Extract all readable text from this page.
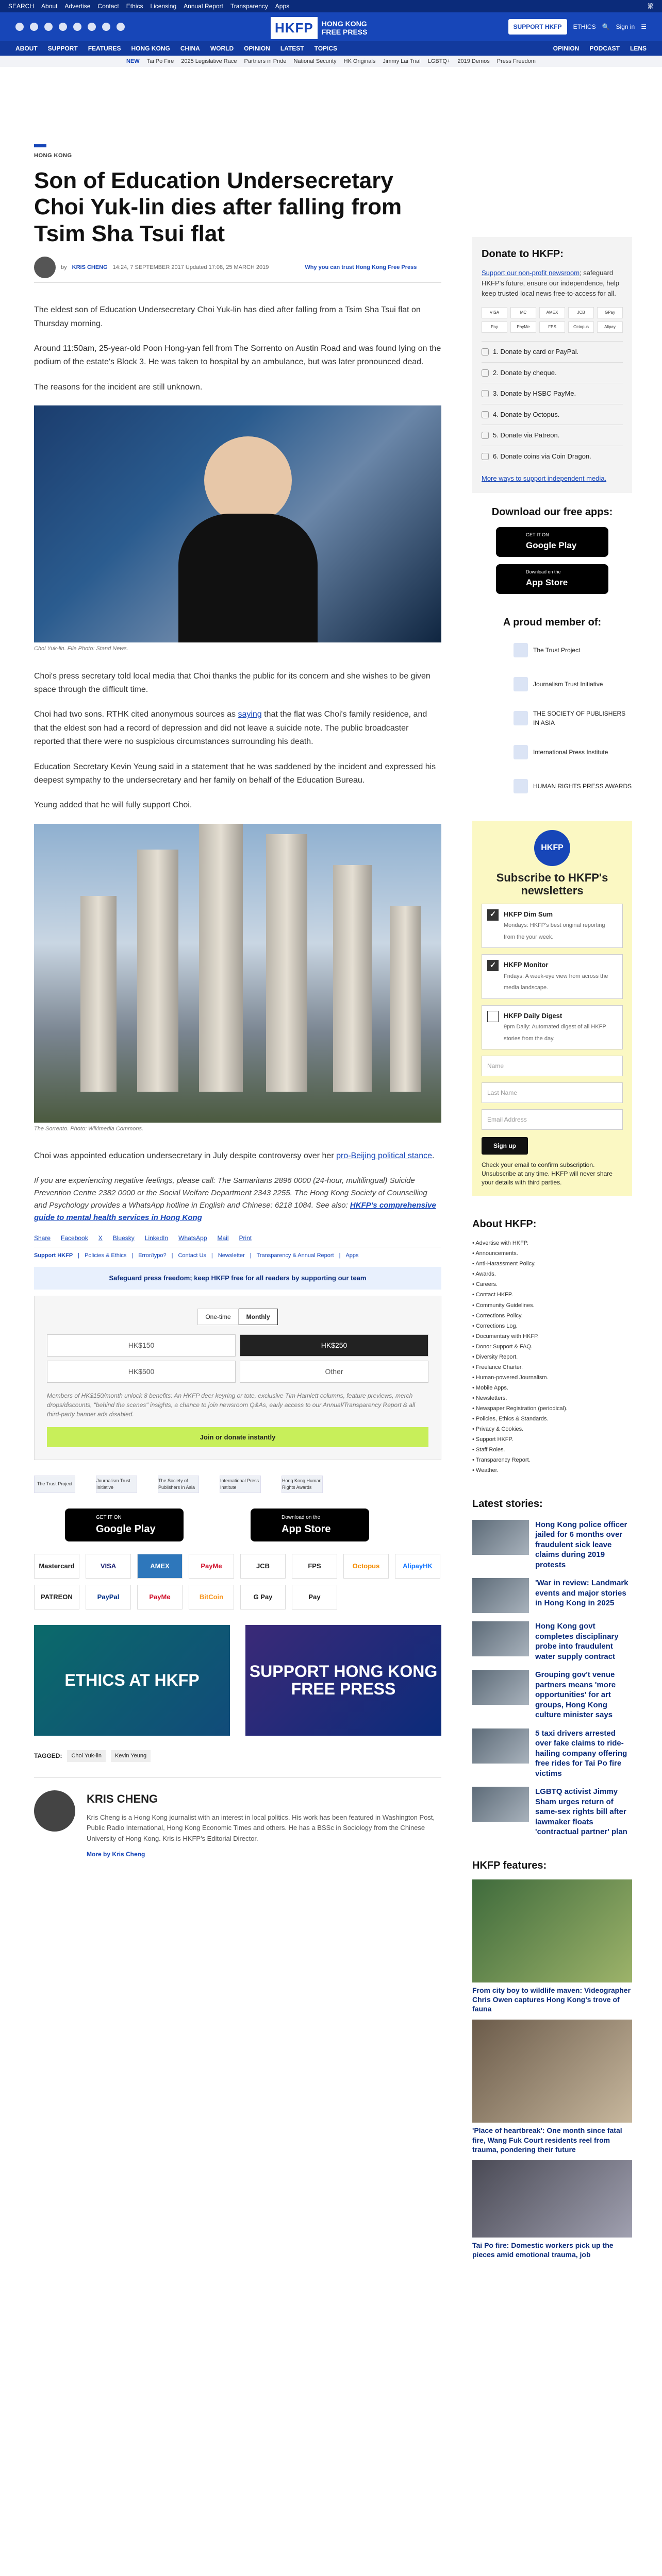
SEARCH About Advertise Contact Ethics Licensing Annual Report Transparency Apps	繁
HKFP	HONG KONG
FREE PRESS
SUPPORT HKFP	ETHICS 🔍 Sign in ☰
ABOUT SUPPORT FEATURES HONG KONG CHINA WORLD OPINION LATEST TOPICS	OPINION PODCAST LENS
NEW Tai Po Fire 2025 Legislative Race Partners in Pride National Security HK Originals Jimmy Lai Trial LGBTQ+ 2019 Demos Press Freedom
HONG KONG
Son of Education Undersecretary Choi Yuk-lin dies after falling from Tsim Sha Tsui flat
by KRIS CHENG 14:24, 7 SEPTEMBER 2017 Updated 17:08, 25 MARCH 2019	Why you can trust Hong Kong Free Press

The eldest son of Education Undersecretary Choi Yuk-lin has died after falling from a Tsim Sha Tsui flat on Thursday morning.

Around 11:50am, 25-year-old Poon Hong-yan fell from The Sorrento on Austin Road and was found lying on the podium of the estate's Block 3. He was taken to hospital by an ambulance, but was later pronounced dead.

The reasons for the incident are still unknown.

Choi Yuk-lin. File Photo: Stand News.

Choi's press secretary told local media that Choi thanks the public for its concern and she wishes to be given space through the difficult time.

Choi had two sons. RTHK cited anonymous sources as saying that the flat was Choi's family residence, and that the eldest son had a record of depression and did not leave a suicide note. The public broadcaster reported that there were no suspicious circumstances surrounding his death.

Education Secretary Kevin Yeung said in a statement that he was saddened by the incident and expressed his deepest sympathy to the undersecretary and her family on behalf of the Education Bureau.

Yeung added that he will fully support Choi.

The Sorrento. Photo: Wikimedia Commons.

Choi was appointed education undersecretary in July despite controversy over her pro-Beijing political stance.

If you are experiencing negative feelings, please call: The Samaritans 2896 0000 (24-hour, multilingual) Suicide Prevention Centre 2382 0000 or the Social Welfare Department 2343 2255. The Hong Kong Society of Counselling and Psychology provides a WhatsApp hotline in English and Chinese: 6218 1084. See also: HKFP's comprehensive guide to mental health services in Hong Kong

Share Facebook X Bluesky LinkedIn WhatsApp Mail Print
Support HKFP | Policies & Ethics | Error/typo? | Contact Us | Newsletter | Transparency & Annual Report | Apps
Safeguard press freedom; keep HKFP free for all readers by supporting our team
One-time	Monthly
HK$150	HK$250
HK$500	Other
Members of HK$150/month unlock 8 benefits: An HKFP deer keyring or tote, exclusive Tim Hamlett columns, feature previews, merch drops/discounts, "behind the scenes" insights, a chance to join newsroom Q&As, early access to our Annual/Transparency Report & all third-party banner ads disabled.
Join or donate instantly
The Trust Project
Journalism Trust Initiative
The Society of Publishers in Asia
International Press Institute
Hong Kong Human Rights Awards
GET IT ON
Google Play
Download on the
App Store
Mastercard	VISA	AMEX	PayMe	JCB	FPS	Octopus	AlipayHK
PATREON	PayPal	PayMe	BitCoin	G Pay	Pay
ETHICS AT HKFP	SUPPORT HONG KONG FREE PRESS
TAGGED:	Choi Yuk-lin	Kevin Yeung
KRIS CHENG
Kris Cheng is a Hong Kong journalist with an interest in local politics. His work has been featured in Washington Post, Public Radio International, Hong Kong Economic Times and others. He has a BSSc in Sociology from the Chinese University of Hong Kong. Kris is HKFP's Editorial Director.
More by Kris Cheng
Donate to HKFP:
Support our non-profit newsroom; safeguard HKFP's future, ensure our independence, help keep trusted local news free-to-access for all.
VISA	MC	AMEX	JCB	GPay
Pay	PayMe	FPS	Octopus	Alipay
1. Donate by card or PayPal.
2. Donate by cheque.
3. Donate by HSBC PayMe.
4. Donate by Octopus.
5. Donate via Patreon.
6. Donate coins via Coin Dragon.
More ways to support independent media.
Download our free apps:
GET IT ON
Google Play
Download on the
App Store
A proud member of:
The Trust Project
Journalism Trust Initiative
THE SOCIETY OF PUBLISHERS IN ASIA
International Press Institute
HUMAN RIGHTS PRESS AWARDS
HKFP
Subscribe to HKFP's newsletters
✓	HKFP Dim Sum
Mondays: HKFP's best original reporting from the your week.
✓	HKFP Monitor
Fridays: A week-eye view from across the media landscape.
HKFP Daily Digest
9pm Daily: Automated digest of all HKFP stories from the day.
Name
Last Name
Email Address
Sign up
Check your email to confirm subscription. Unsubscribe at any time. HKFP will never share your details with third parties.
About HKFP:
• Advertise with HKFP.
• Announcements.
• Anti-Harassment Policy.
• Awards.
• Careers.
• Contact HKFP.
• Community Guidelines.
• Corrections Policy.
• Corrections Log.
• Documentary with HKFP.
• Donor Support & FAQ.
• Diversity Report.
• Freelance Charter.
• Human-powered Journalism.
• Mobile Apps.
• Newsletters.
• Newspaper Registration (periodical).
• Policies, Ethics & Standards.
• Privacy & Cookies.
• Support HKFP.
• Staff Roles.
• Transparency Report.
• Weather.
Latest stories:
Hong Kong police officer jailed for 6 months over fraudulent sick leave claims during 2019 protests
'War in review: Landmark events and major stories in Hong Kong in 2025
Hong Kong govt completes disciplinary probe into fraudulent water supply contract
Grouping gov't venue partners means 'more opportunities' for art groups, Hong Kong culture minister says
5 taxi drivers arrested over fake claims to ride-hailing company offering free rides for Tai Po fire victims
LGBTQ activist Jimmy Sham urges return of same-sex rights bill after lawmaker floats 'contractual partner' plan
HKFP features:
From city boy to wildlife maven: Videographer Chris Owen captures Hong Kong's trove of fauna
'Place of heartbreak': One month since fatal fire, Wang Fuk Court residents reel from trauma, pondering their future
Tai Po fire: Domestic workers pick up the pieces amid emotional trauma, job
